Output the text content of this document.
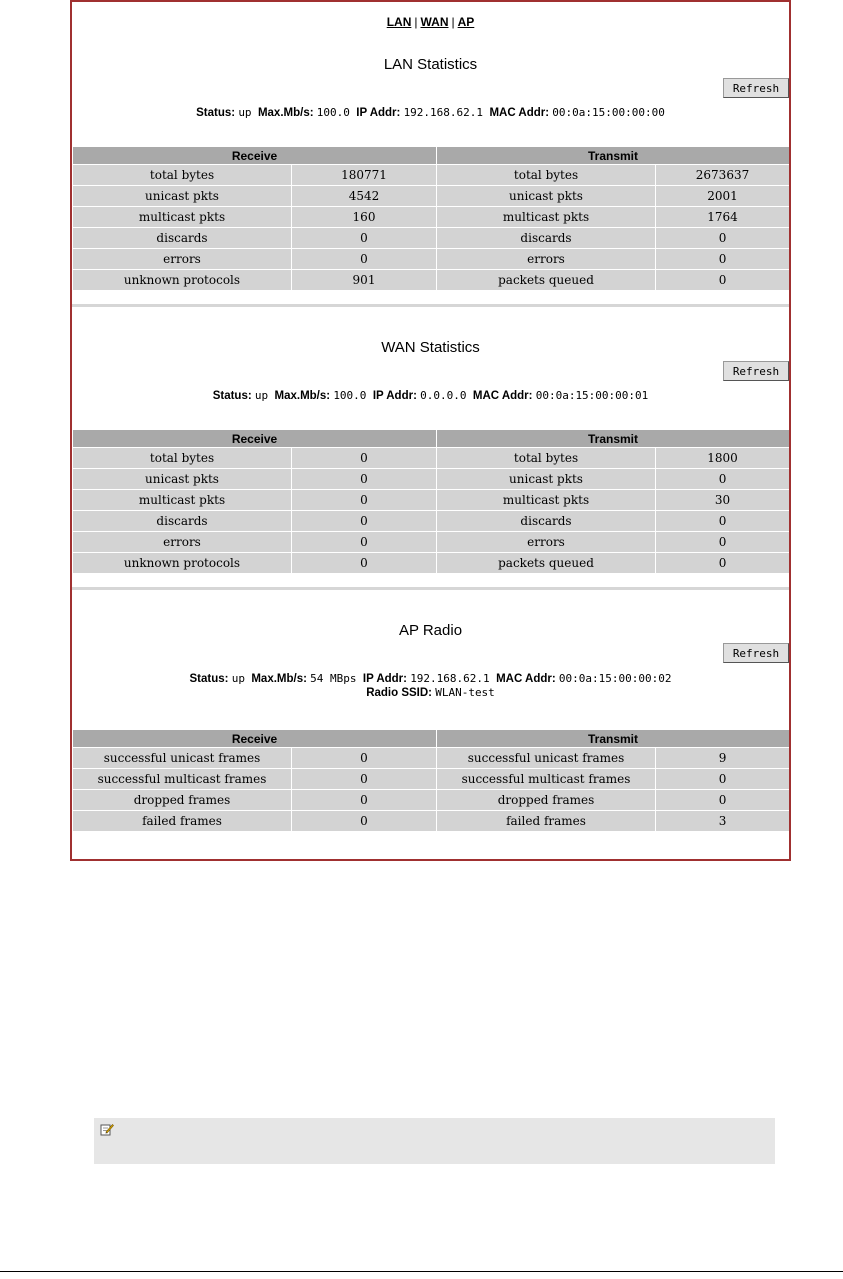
LAN | WAN | AP
LAN Statistics
Refresh
Status: up Max.Mb/s: 100.0 IP Addr: 192.168.62.1 MAC Addr: 00:0a:15:00:00:00
Receive		Transmit	
total bytes	180771	total bytes	2673637
unicast pkts	4542	unicast pkts	2001
multicast pkts	160	multicast pkts	1764
discards	0	discards	0
errors	0	errors	0
unknown protocols	901	packets queued	0
WAN Statistics
Refresh
Status: up Max.Mb/s: 100.0 IP Addr: 0.0.0.0 MAC Addr: 00:0a:15:00:00:01
Receive		Transmit	
total bytes	0	total bytes	1800
unicast pkts	0	unicast pkts	0
multicast pkts	0	multicast pkts	30
discards	0	discards	0
errors	0	errors	0
unknown protocols	0	packets queued	0
AP Radio
Refresh
Status: up Max.Mb/s: 54 MBps IP Addr: 192.168.62.1 MAC Addr: 00:0a:15:00:00:02
Radio SSID: WLAN-test
Receive		Transmit	
successful unicast frames	0	successful unicast frames	9
successful multicast frames	0	successful multicast frames	0
dropped frames	0	dropped frames	0
failed frames	0	failed frames	3
